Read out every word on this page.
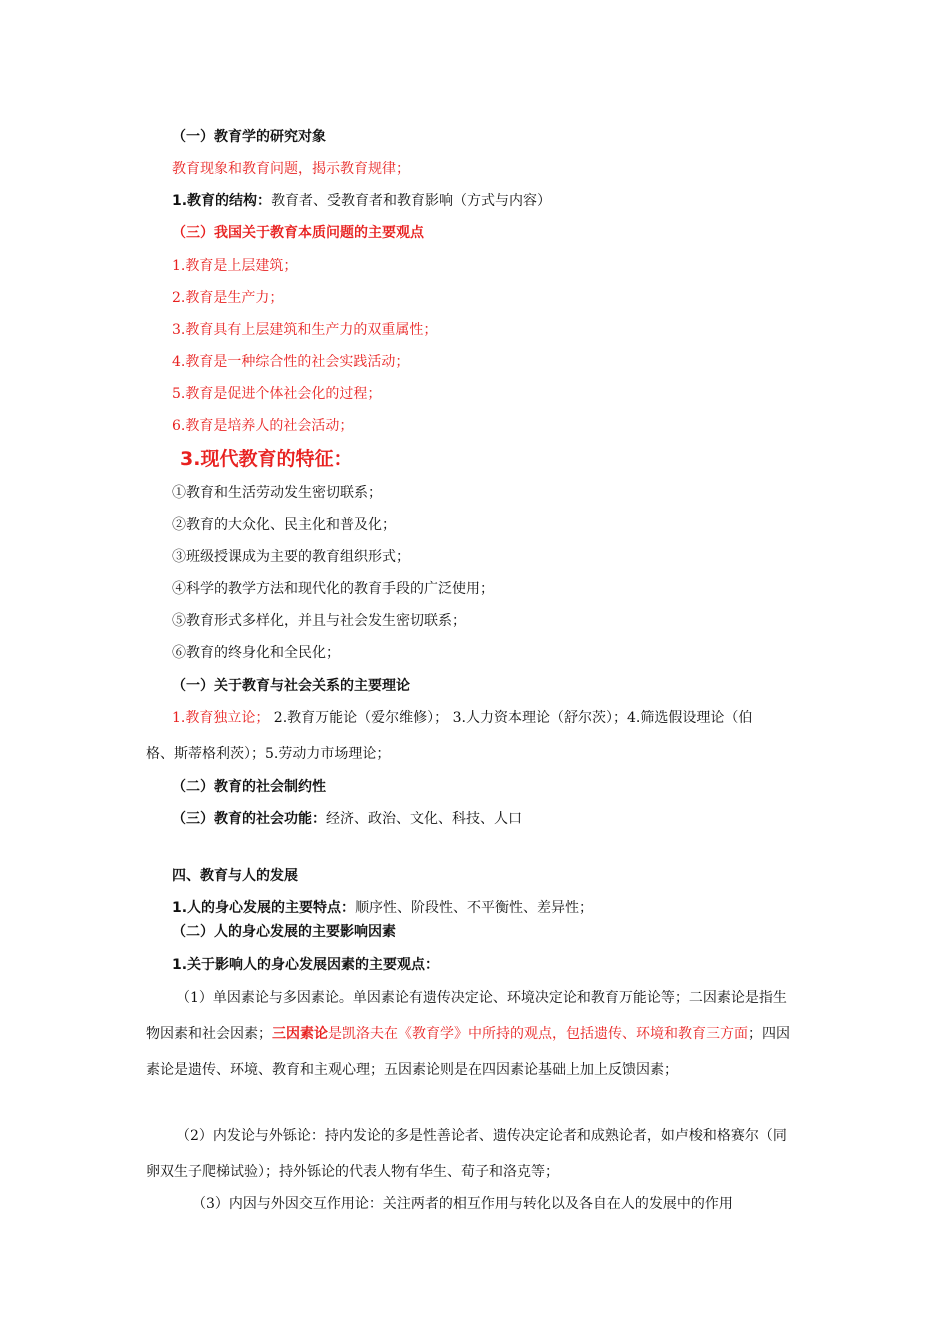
（一）教育学的研究对象
教育现象和教育问题，揭示教育规律；
1.教育的结构：教育者、受教育者和教育影响（方式与内容）
（三）我国关于教育本质问题的主要观点
1.教育是上层建筑；
2.教育是生产力；
3.教育具有上层建筑和生产力的双重属性；
4.教育是一种综合性的社会实践活动；
5.教育是促进个体社会化的过程；
6.教育是培养人的社会活动；
3.现代教育的特征：
①教育和生活劳动发生密切联系；
②教育的大众化、民主化和普及化；
③班级授课成为主要的教育组织形式；
④科学的教学方法和现代化的教育手段的广泛使用；
⑤教育形式多样化，并且与社会发生密切联系；
⑥教育的终身化和全民化；
（一）关于教育与社会关系的主要理论
1.教育独立论； 2.教育万能论（爱尔维修）； 3.人力资本理论（舒尔茨）；4.筛选假设理论（伯
格、斯蒂格利茨）；5.劳动力市场理论；
（二）教育的社会制约性
（三）教育的社会功能：经济、政治、文化、科技、人口
四、教育与人的发展
1.人的身心发展的主要特点：顺序性、阶段性、不平衡性、差异性；
（二）人的身心发展的主要影响因素
1.关于影响人的身心发展因素的主要观点：
（1）单因素论与多因素论。单因素论有遗传决定论、环境决定论和教育万能论等；二因素论是指生
物因素和社会因素；三因素论是凯洛夫在《教育学》中所持的观点，包括遗传、环境和教育三方面；四因
素论是遗传、环境、教育和主观心理；五因素论则是在四因素论基础上加上反馈因素；
（2）内发论与外铄论：持内发论的多是性善论者、遗传决定论者和成熟论者，如卢梭和格赛尔（同
卵双生子爬梯试验）；持外铄论的代表人物有华生、荀子和洛克等；
（3）内因与外因交互作用论：关注两者的相互作用与转化以及各自在人的发展中的作用
